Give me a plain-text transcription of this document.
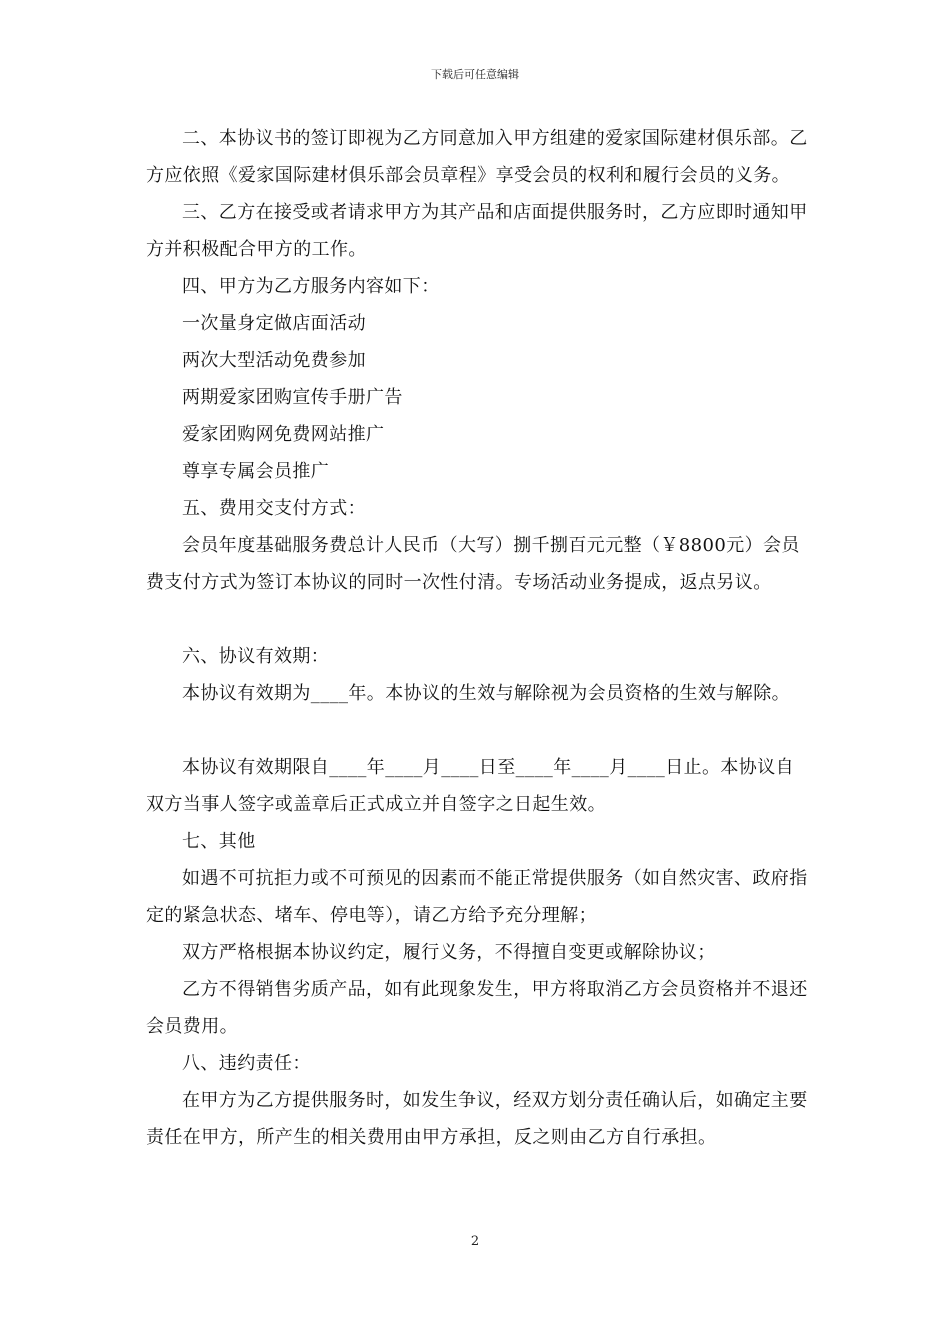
下载后可任意编辑

二、本协议书的签订即视为乙方同意加入甲方组建的爱家国际建材俱乐部。乙方应依照《爱家国际建材俱乐部会员章程》享受会员的权利和履行会员的义务。

三、乙方在接受或者请求甲方为其产品和店面提供服务时，乙方应即时通知甲方并积极配合甲方的工作。

四、甲方为乙方服务内容如下：

一次量身定做店面活动

两次大型活动免费参加

两期爱家团购宣传手册广告

爱家团购网免费网站推广

尊享专属会员推广

五、费用交支付方式：

会员年度基础服务费总计人民币（大写）捌千捌百元元整（￥8800元）会员费支付方式为签订本协议的同时一次性付清。专场活动业务提成，返点另议。

六、协议有效期：

本协议有效期为____年。本协议的生效与解除视为会员资格的生效与解除。

本协议有效期限自____年____月____日至____年____月____日止。本协议自双方当事人签字或盖章后正式成立并自签字之日起生效。

七、其他

如遇不可抗拒力或不可预见的因素而不能正常提供服务（如自然灾害、政府指定的紧急状态、堵车、停电等），请乙方给予充分理解；

双方严格根据本协议约定，履行义务，不得擅自变更或解除协议；

乙方不得销售劣质产品，如有此现象发生，甲方将取消乙方会员资格并不退还会员费用。

八、违约责任：

在甲方为乙方提供服务时，如发生争议，经双方划分责任确认后，如确定主要责任在甲方，所产生的相关费用由甲方承担，反之则由乙方自行承担。

2
